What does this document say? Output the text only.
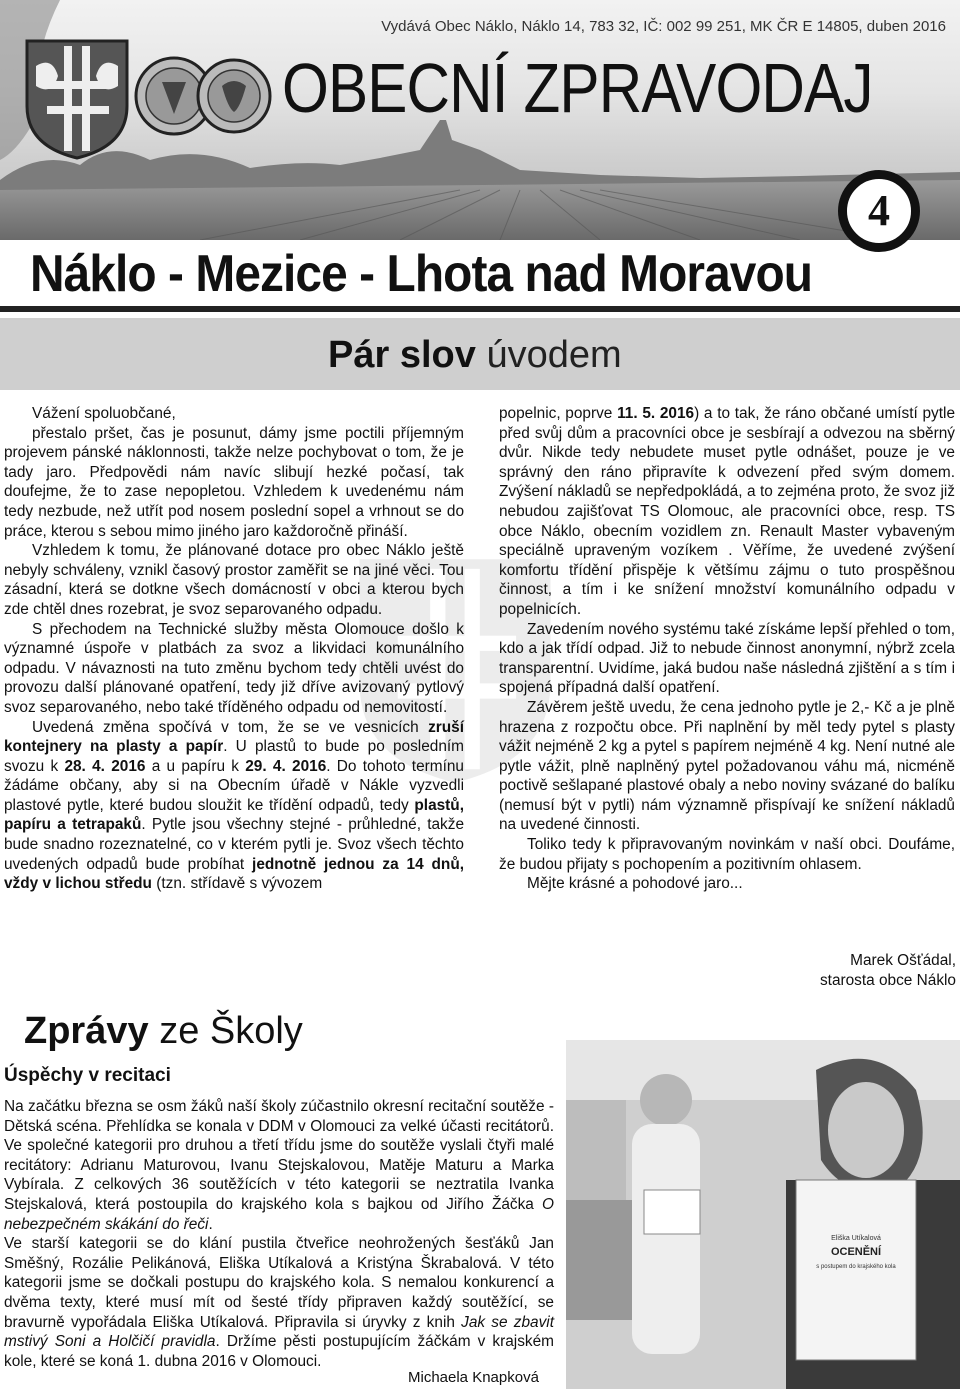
Vydává Obec Náklo, Náklo 14, 783 32, IČ: 002 99 251, MK ČR E 14805, duben 2016
OBECNÍ ZPRAVODAJ
Náklo - Mezice - Lhota nad Moravou
4
Pár slov úvodem

Vážení spoluobčané,

přestalo pršet, čas je posunut, dámy jsme poctili příjemným projevem pánské náklonnosti, takže nelze pochybovat o tom, že je tady jaro. Předpovědi nám navíc slibují hezké počasí, tak doufejme, že to zase nepopletou. Vzhledem k uvedenému nám tedy nezbude, než utřít pod nosem poslední sopel a vrhnout se do práce, kterou s sebou mimo jiného jaro každoročně přináší.

Vzhledem k tomu, že plánované dotace pro obec Náklo ještě nebyly schváleny, vznikl časový prostor zaměřit se na jiné věci. Tou zásadní, která se dotkne všech domácností v obci a kterou bych zde chtěl dnes rozebrat, je svoz separovaného odpadu.

S přechodem na Technické služby města Olomouce došlo k významné úspoře v platbách za svoz a likvidaci komunálního odpadu. V návaznosti na tuto změnu bychom tedy chtěli uvést do provozu další plánované opatření, tedy již dříve avizovaný pytlový svoz separovaného, nebo také tříděného odpadu od nemovitostí.

Uvedená změna spočívá v tom, že se ve vesnicích zruší kontejnery na plasty a papír. U plastů to bude po posledním svozu k 28. 4. 2016 a u papíru k 29. 4. 2016. Do tohoto termínu žádáme občany, aby si na Obecním úřadě v Nákle vyzvedli plastové pytle, které budou sloužit ke třídění odpadů, tedy plastů, papíru a tetrapaků. Pytle jsou všechny stejné - průhledné, takže bude snadno rozeznatelné, co v kterém pytli je. Svoz všech těchto uvedených odpadů bude probíhat jednotně jednou za 14 dnů, vždy v lichou středu (tzn. střídavě s vývozem

popelnic, poprve 11. 5. 2016) a to tak, že ráno občané umístí pytle před svůj dům a pracovníci obce je sesbírají a odvezou na sběrný dvůr. Nikde tedy nebudete muset pytle odnášet, pouze je ve správný den ráno připravíte k odvezení před svým domem. Zvýšení nákladů se nepředpokládá, a to zejména proto, že svoz již nebudou zajišťovat TS Olomouc, ale pracovníci obce, resp. TS obce Náklo, obecním vozidlem zn. Renault Master vybaveným speciálně upraveným vozíkem . Věříme, že uvedené zvýšení komfortu třídění přispěje k většímu zájmu o tuto prospěšnou činnost, a tím i ke snížení množství komunálního odpadu v popelnicích.

Zavedením nového systému také získáme lepší přehled o tom, kdo a jak třídí odpad. Již to nebude činnost anonymní, nýbrž zcela transparentní. Uvidíme, jaká budou naše následná zjištění a s tím i spojená případná další opatření.

Závěrem ještě uvedu, že cena jednoho pytle je 2,- Kč a je plně hrazena z rozpočtu obce. Při naplnění by měl tedy pytel s plasty vážit nejméně 2 kg a pytel s papírem nejméně 4 kg. Není nutné ale pytle vážit, plně naplněný pytel požadovanou váhu má, nicméně poctivě sešlapané plastové obaly a nebo noviny svázané do balíku (nemusí být v pytli) nám významně přispívají ke snížení nákladů na uvedené činnosti.

Toliko tedy k připravovaným novinkám v naší obci. Doufáme, že budou přijaty s pochopením a pozitivním ohlasem.

Mějte krásné a pohodové jaro...

Marek Ošťádal,
starosta obce Náklo
Zprávy ze Školy
Úspěchy v recitaci

Na začátku března se osm žáků naší školy zúčastnilo okresní recitační soutěže - Dětská scéna. Přehlídka se konala v DDM v Olomouci za velké účasti recitátorů. Ve společné kategorii pro druhou a třetí třídu jsme do soutěže vyslali čtyři malé recitátory: Adrianu Maturovou, Ivanu Stejskalovou, Matěje Maturu a Marka Vybírala. Z celkových 36 soutěžících v této kategorii se neztratila Ivanka Stejskalová, která postoupila do krajského kola s bajkou od Jiřího Žáčka O nebezpečném skákání do řeči.

Ve starší kategorii se do klání pustila čtveřice neohrožených šesťáků Jan Směšný, Rozálie Pelikánová, Eliška Utíkalová a Kristýna Škrabalová. V této kategorii jsme se dočkali postupu do krajského kola. S nemalou konkurencí a dvěma texty, které musí mít od šesté třídy připraven každý soutěžící, se bravurně vypořádala Eliška Utíkalová. Připravila si úryvky z knih Jak se zbavit mstivý Soni a Holčičí pravidla. Držíme pěsti postupujícím žáčkám v krajském kole, které se koná 1. dubna 2016 v Olomouci.

Michaela Knapková
OCENĚNÍ
Eliška Utíkalová
s postupem do krajského kola
